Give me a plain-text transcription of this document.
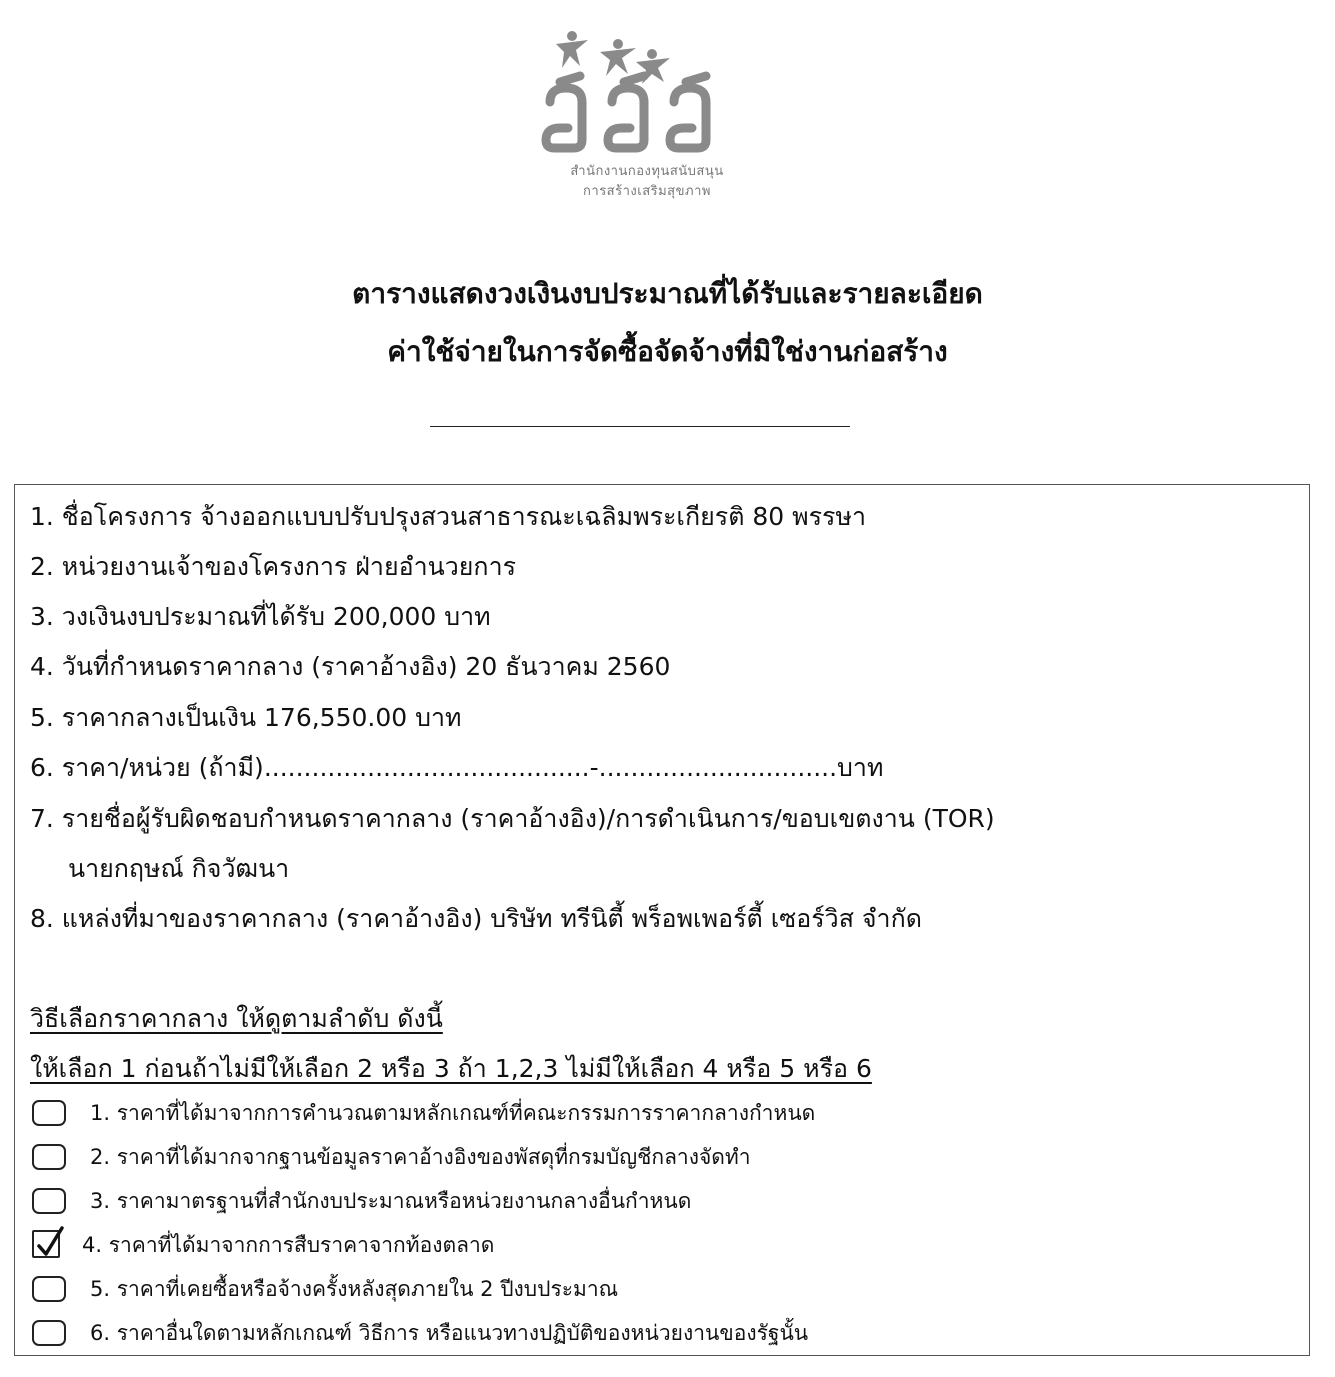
สำนักงานกองทุนสนับสนุน
การสร้างเสริมสุขภาพ
ตารางแสดงวงเงินงบประมาณที่ได้รับและรายละเอียด
ค่าใช้จ่ายในการจัดซื้อจัดจ้างที่มิใช่งานก่อสร้าง
1. ชื่อโครงการ จ้างออกแบบปรับปรุงสวนสาธารณะเฉลิมพระเกียรติ 80 พรรษา
2. หน่วยงานเจ้าของโครงการ ฝ่ายอำนวยการ
3. วงเงินงบประมาณที่ได้รับ 200,000 บาท
4. วันที่กำหนดราคากลาง (ราคาอ้างอิง) 20 ธันวาคม 2560
5. ราคากลางเป็นเงิน 176,550.00 บาท
6. ราคา/หน่วย (ถ้ามี).........................................-..............................บาท
7. รายชื่อผู้รับผิดชอบกำหนดราคากลาง (ราคาอ้างอิง)/การดำเนินการ/ขอบเขตงาน (TOR)
นายกฤษณ์ กิจวัฒนา
8. แหล่งที่มาของราคากลาง (ราคาอ้างอิง) บริษัท ทรีนิตี้ พร็อพเพอร์ตี้ เซอร์วิส จำกัด
วิธีเลือกราคากลาง ให้ดูตามลำดับ ดังนี้
ให้เลือก 1 ก่อนถ้าไม่มีให้เลือก 2 หรือ 3 ถ้า 1,2,3 ไม่มีให้เลือก 4 หรือ 5 หรือ 6
1. ราคาที่ได้มาจากการคำนวณตามหลักเกณฑ์ที่คณะกรรมการราคากลางกำหนด
2. ราคาที่ได้มากจากฐานข้อมูลราคาอ้างอิงของพัสดุที่กรมบัญชีกลางจัดทำ
3. ราคามาตรฐานที่สำนักงบประมาณหรือหน่วยงานกลางอื่นกำหนด
4. ราคาที่ได้มาจากการสืบราคาจากท้องตลาด
5. ราคาที่เคยซื้อหรือจ้างครั้งหลังสุดภายใน 2 ปีงบประมาณ
6. ราคาอื่นใดตามหลักเกณฑ์ วิธีการ หรือแนวทางปฏิบัติของหน่วยงานของรัฐนั้น
